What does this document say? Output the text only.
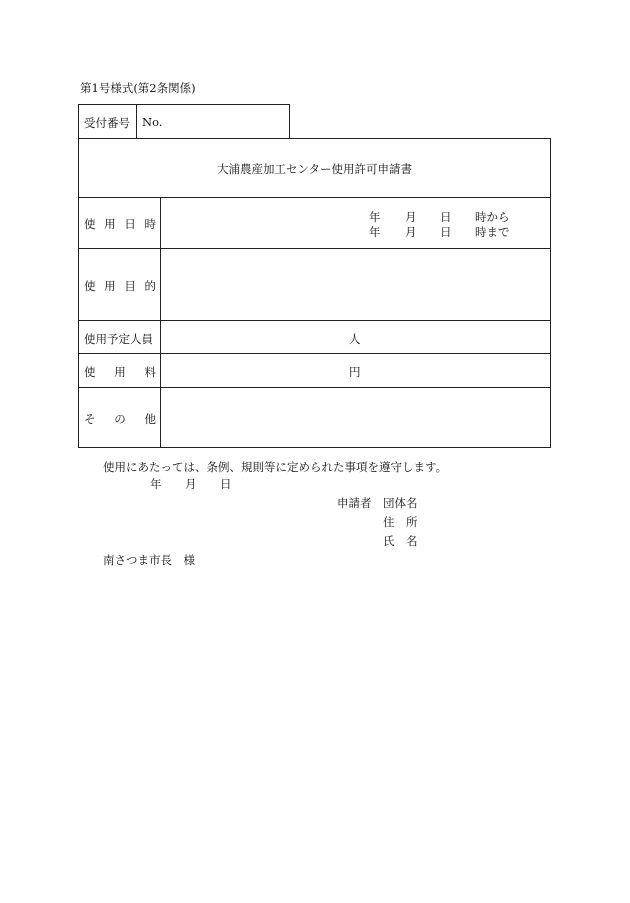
第1号様式(第2条関係)
受付番号 No.
大浦農産加工センター使用許可申請書
使 用 日 時	年 月 日 時から
年 月 日 時まで
使 用 目 的
使用予定人員	人
使 用 料	円
そ の 他
使用にあたっては、条例、規則等に定められた事項を遵守します。
年 月 日
申請者 団体名
住　所
氏　名
南さつま市長　様
